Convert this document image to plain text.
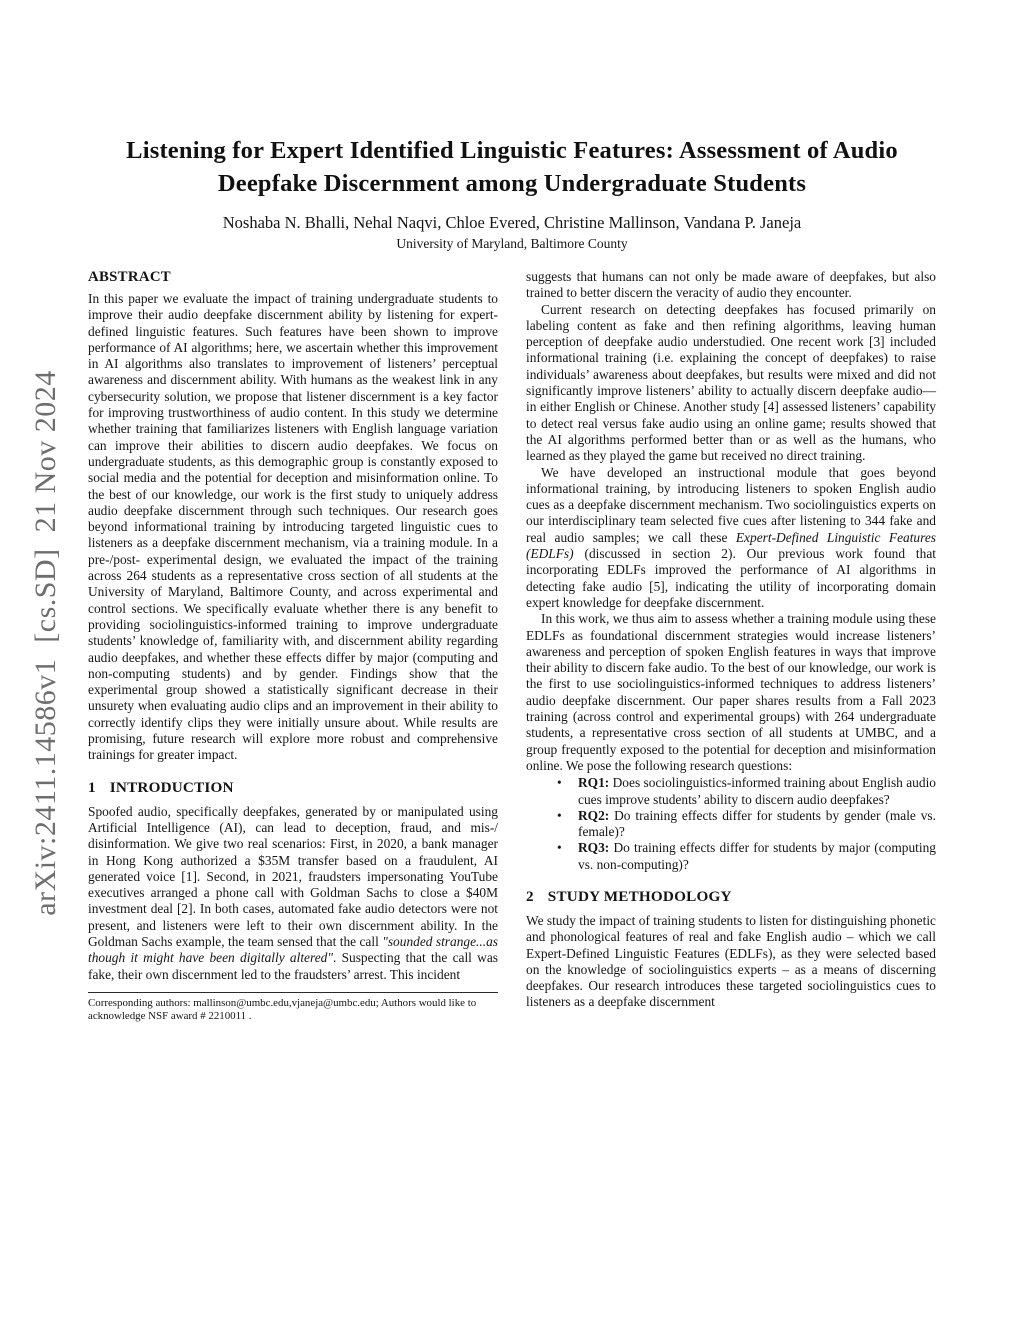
arXiv:2411.14586v1  [cs.SD]  21 Nov 2024
Listening for Expert Identified Linguistic Features: Assessment of Audio Deepfake Discernment among Undergraduate Students
Noshaba N. Bhalli, Nehal Naqvi, Chloe Evered, Christine Mallinson, Vandana P. Janeja
University of Maryland, Baltimore County
ABSTRACT

In this paper we evaluate the impact of training undergraduate students to improve their audio deepfake discernment ability by listening for expert-defined linguistic features. Such features have been shown to improve performance of AI algorithms; here, we ascertain whether this improvement in AI algorithms also translates to improvement of listeners’ perceptual awareness and discernment ability. With humans as the weakest link in any cybersecurity solution, we propose that listener discernment is a key factor for improving trustworthiness of audio content. In this study we determine whether training that familiarizes listeners with English language variation can improve their abilities to discern audio deepfakes. We focus on undergraduate students, as this demographic group is constantly exposed to social media and the potential for deception and misinformation online. To the best of our knowledge, our work is the first study to uniquely address audio deepfake discernment through such techniques. Our research goes beyond informational training by introducing targeted linguistic cues to listeners as a deepfake discernment mechanism, via a training module. In a pre-/post- experimental design, we evaluated the impact of the training across 264 students as a representative cross section of all students at the University of Maryland, Baltimore County, and across experimental and control sections. We specifically evaluate whether there is any benefit to providing sociolinguistics-informed training to improve undergraduate students’ knowledge of, familiarity with, and discernment ability regarding audio deepfakes, and whether these effects differ by major (computing and non-computing students) and by gender. Findings show that the experimental group showed a statistically significant decrease in their unsurety when evaluating audio clips and an improvement in their ability to correctly identify clips they were initially unsure about. While results are promising, future research will explore more robust and comprehensive trainings for greater impact.

1 INTRODUCTION

Spoofed audio, specifically deepfakes, generated by or manipulated using Artificial Intelligence (AI), can lead to deception, fraud, and mis-/ disinformation. We give two real scenarios: First, in 2020, a bank manager in Hong Kong authorized a $35M transfer based on a fraudulent, AI generated voice [1]. Second, in 2021, fraudsters impersonating YouTube executives arranged a phone call with Goldman Sachs to close a $40M investment deal [2]. In both cases, automated fake audio detectors were not present, and listeners were left to their own discernment ability. In the Goldman Sachs example, the team sensed that the call "sounded strange...as though it might have been digitally altered". Suspecting that the call was fake, their own discernment led to the fraudsters’ arrest. This incident

Corresponding authors: mallinson@umbc.edu,vjaneja@umbc.edu; Authors would like to acknowledge NSF award # 2210011 .

suggests that humans can not only be made aware of deepfakes, but also trained to better discern the veracity of audio they encounter.

Current research on detecting deepfakes has focused primarily on labeling content as fake and then refining algorithms, leaving human perception of deepfake audio understudied. One recent work [3] included informational training (i.e. explaining the concept of deepfakes) to raise individuals’ awareness about deepfakes, but results were mixed and did not significantly improve listeners’ ability to actually discern deepfake audio—in either English or Chinese. Another study [4] assessed listeners’ capability to detect real versus fake audio using an online game; results showed that the AI algorithms performed better than or as well as the humans, who learned as they played the game but received no direct training.

We have developed an instructional module that goes beyond informational training, by introducing listeners to spoken English audio cues as a deepfake discernment mechanism. Two sociolinguistics experts on our interdisciplinary team selected five cues after listening to 344 fake and real audio samples; we call these Expert-Defined Linguistic Features (EDLFs) (discussed in section 2). Our previous work found that incorporating EDLFs improved the performance of AI algorithms in detecting fake audio [5], indicating the utility of incorporating domain expert knowledge for deepfake discernment.

In this work, we thus aim to assess whether a training module using these EDLFs as foundational discernment strategies would increase listeners’ awareness and perception of spoken English features in ways that improve their ability to discern fake audio. To the best of our knowledge, our work is the first to use sociolinguistics-informed techniques to address listeners’ audio deepfake discernment. Our paper shares results from a Fall 2023 training (across control and experimental groups) with 264 undergraduate students, a representative cross section of all students at UMBC, and a group frequently exposed to the potential for deception and misinformation online. We pose the following research questions:

• RQ1: Does sociolinguistics-informed training about English audio cues improve students’ ability to discern audio deepfakes?
• RQ2: Do training effects differ for students by gender (male vs. female)?
• RQ3: Do training effects differ for students by major (computing vs. non-computing)?
2 STUDY METHODOLOGY

We study the impact of training students to listen for distinguishing phonetic and phonological features of real and fake English audio – which we call Expert-Defined Linguistic Features (EDLFs), as they were selected based on the knowledge of sociolinguistics experts – as a means of discerning deepfakes. Our research introduces these targeted sociolinguistics cues to listeners as a deepfake discernment
